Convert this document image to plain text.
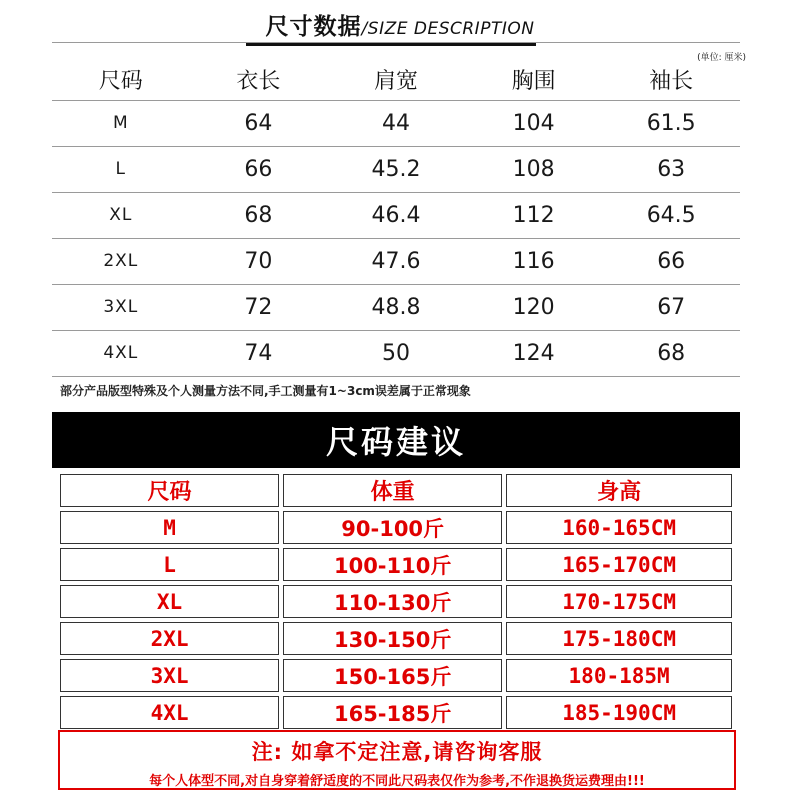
尺寸数据/SIZE DESCRIPTION
(单位: 厘米)
尺码	衣长	肩宽	胸围	袖长
M	64	44	104	61.5
L	66	45.2	108	63
XL	68	46.4	112	64.5
2XL	70	47.6	116	66
3XL	72	48.8	120	67
4XL	74	50	124	68
部分产品版型特殊及个人测量方法不同,手工测量有1~3cm误差属于正常现象
尺码建议
尺码	体重	身高
M	90-100斤	160-165CM
L	100-110斤	165-170CM
XL	110-130斤	170-175CM
2XL	130-150斤	175-180CM
3XL	150-165斤	180-185M
4XL	165-185斤	185-190CM
注: 如拿不定注意,请咨询客服
每个人体型不同,对自身穿着舒适度的不同此尺码表仅作为参考,不作退换货运费理由!!!
